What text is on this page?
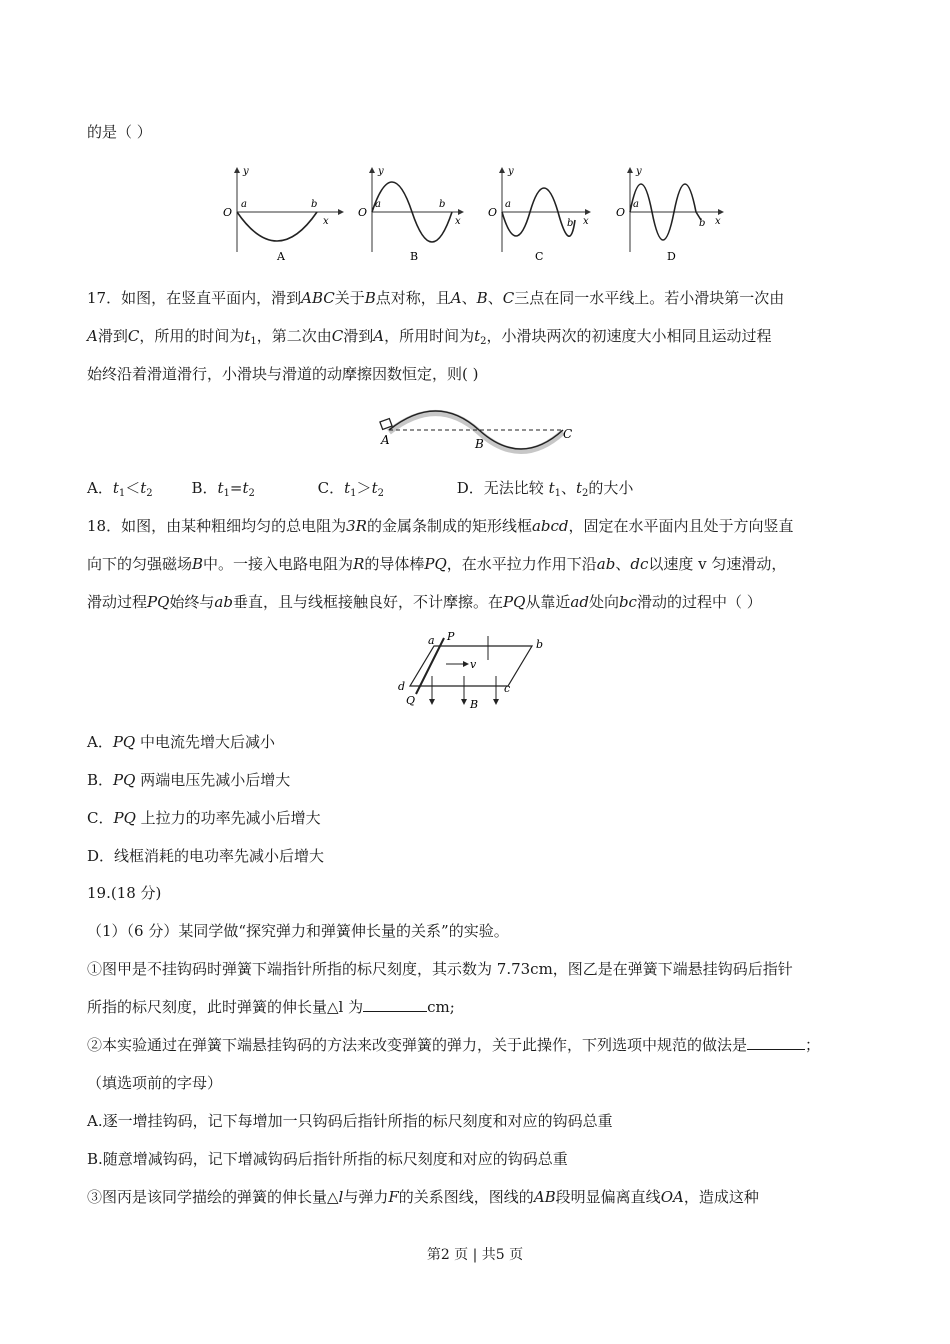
的是（ ）
O
a	b
x
y
A
O
a	b
x
y
B
O
a
b x
y
C
O
a
b x
y
D
17．如图，在竖直平面内，滑到ABC关于B点对称，且A、B、C三点在同一水平线上。若小滑块第一次由
A滑到C，所用的时间为$t_1$，第二次由C滑到A，所用时间为$t_2$，小滑块两次的初速度大小相同且运动过程
始终沿着滑道滑行，小滑块与滑道的动摩擦因数恒定，则( )
A	B
C
A．$t_1<t_2$	B．$t_1=t_2$	C．$t_1>t_2$	D．无法比较 $t_1$、$t_2$的大小
18．如图，由某种粗细均匀的总电阻为3R的金属条制成的矩形线框abcd，固定在水平面内且处于方向竖直
向下的匀强磁场B中。一接入电路电阻为R的导体棒PQ，在水平拉力作用下沿ab、dc以速度 v 匀速滑动，
滑动过程PQ始终与ab垂直，且与线框接触良好，不计摩擦。在PQ从靠近ad处向bc滑动的过程中（ ）
a P
b
d
Q
c
v
B
A．PQ 中电流先增大后减小
B．PQ 两端电压先减小后增大
C．PQ 上拉力的功率先减小后增大
D．线框消耗的电功率先减小后增大
19.(18 分)
（1）（6 分）某同学做“探究弹力和弹簧伸长量的关系”的实验。
①图甲是不挂钩码时弹簧下端指针所指的标尺刻度，其示数为 7.73cm，图乙是在弹簧下端悬挂钩码后指针
所指的标尺刻度，此时弹簧的伸长量△l 为	cm;
②本实验通过在弹簧下端悬挂钩码的方法来改变弹簧的弹力，关于此操作，下列选项中规范的做法是	；
（填选项前的字母）
A.逐一增挂钩码，记下每增加一只钩码后指针所指的标尺刻度和对应的钩码总重
B.随意增减钩码，记下增减钩码后指针所指的标尺刻度和对应的钩码总重
③图丙是该同学描绘的弹簧的伸长量△l与弹力F的关系图线，图线的AB段明显偏离直线OA，造成这种
第2 页 | 共5 页
